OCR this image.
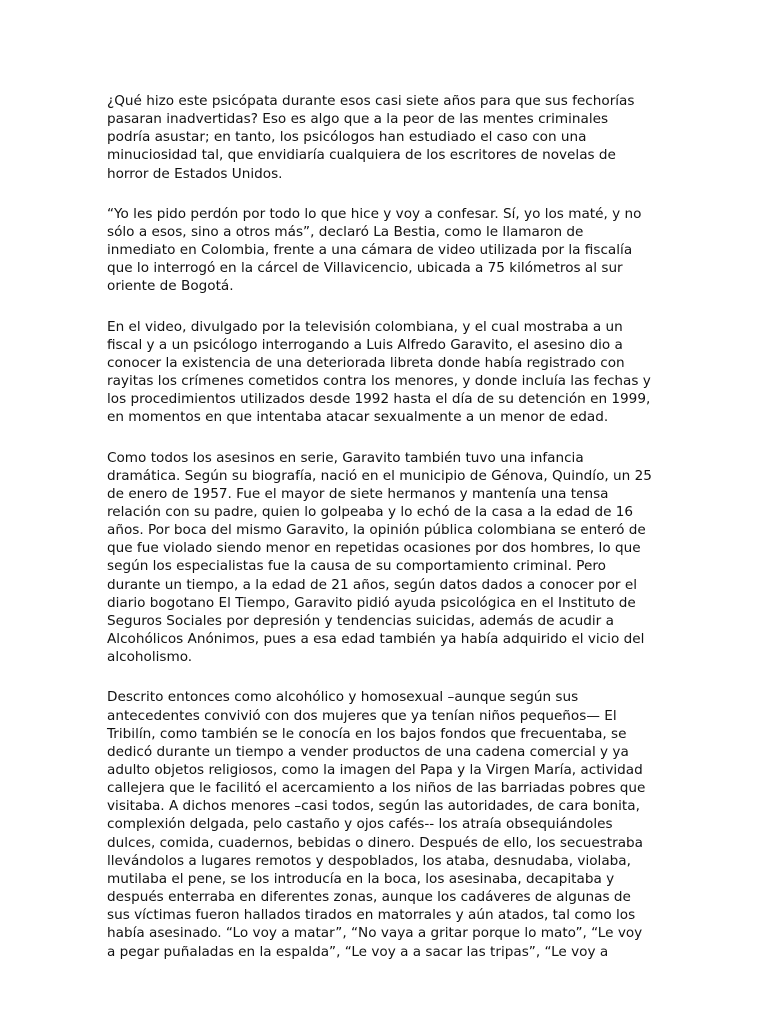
¿Qué hizo este psicópata durante esos casi siete años para que sus fechorías
pasaran inadvertidas? Eso es algo que a la peor de las mentes criminales
podría asustar; en tanto, los psicólogos han estudiado el caso con una
minuciosidad tal, que envidiaría cualquiera de los escritores de novelas de
horror de Estados Unidos.

“Yo les pido perdón por todo lo que hice y voy a confesar. Sí, yo los maté, y no
sólo a esos, sino a otros más”, declaró La Bestia, como le llamaron de
inmediato en Colombia, frente a una cámara de video utilizada por la fiscalía
que lo interrogó en la cárcel de Villavicencio, ubicada a 75 kilómetros al sur
oriente de Bogotá.

En el video, divulgado por la televisión colombiana, y el cual mostraba a un
fiscal y a un psicólogo interrogando a Luis Alfredo Garavito, el asesino dio a
conocer la existencia de una deteriorada libreta donde había registrado con
rayitas los crímenes cometidos contra los menores, y donde incluía las fechas y
los procedimientos utilizados desde 1992 hasta el día de su detención en 1999,
en momentos en que intentaba atacar sexualmente a un menor de edad.

Como todos los asesinos en serie, Garavito también tuvo una infancia
dramática. Según su biografía, nació en el municipio de Génova, Quindío, un 25
de enero de 1957. Fue el mayor de siete hermanos y mantenía una tensa
relación con su padre, quien lo golpeaba y lo echó de la casa a la edad de 16
años. Por boca del mismo Garavito, la opinión pública colombiana se enteró de
que fue violado siendo menor en repetidas ocasiones por dos hombres, lo que
según los especialistas fue la causa de su comportamiento criminal. Pero
durante un tiempo, a la edad de 21 años, según datos dados a conocer por el
diario bogotano El Tiempo, Garavito pidió ayuda psicológica en el Instituto de
Seguros Sociales por depresión y tendencias suicidas, además de acudir a
Alcohólicos Anónimos, pues a esa edad también ya había adquirido el vicio del
alcoholismo.

Descrito entonces como alcohólico y homosexual –aunque según sus
antecedentes convivió con dos mujeres que ya tenían niños pequeños— El
Tribilín, como también se le conocía en los bajos fondos que frecuentaba, se
dedicó durante un tiempo a vender productos de una cadena comercial y ya
adulto objetos religiosos, como la imagen del Papa y la Virgen María, actividad
callejera que le facilitó el acercamiento a los niños de las barriadas pobres que
visitaba. A dichos menores –casi todos, según las autoridades, de cara bonita,
complexión delgada, pelo castaño y ojos cafés-- los atraía obsequiándoles
dulces, comida, cuadernos, bebidas o dinero. Después de ello, los secuestraba
llevándolos a lugares remotos y despoblados, los ataba, desnudaba, violaba,
mutilaba el pene, se los introducía en la boca, los asesinaba, decapitaba y
después enterraba en diferentes zonas, aunque los cadáveres de algunas de
sus víctimas fueron hallados tirados en matorrales y aún atados, tal como los
había asesinado. “Lo voy a matar”, “No vaya a gritar porque lo mato”, “Le voy
a pegar puñaladas en la espalda”, “Le voy a a sacar las tripas”, “Le voy a
